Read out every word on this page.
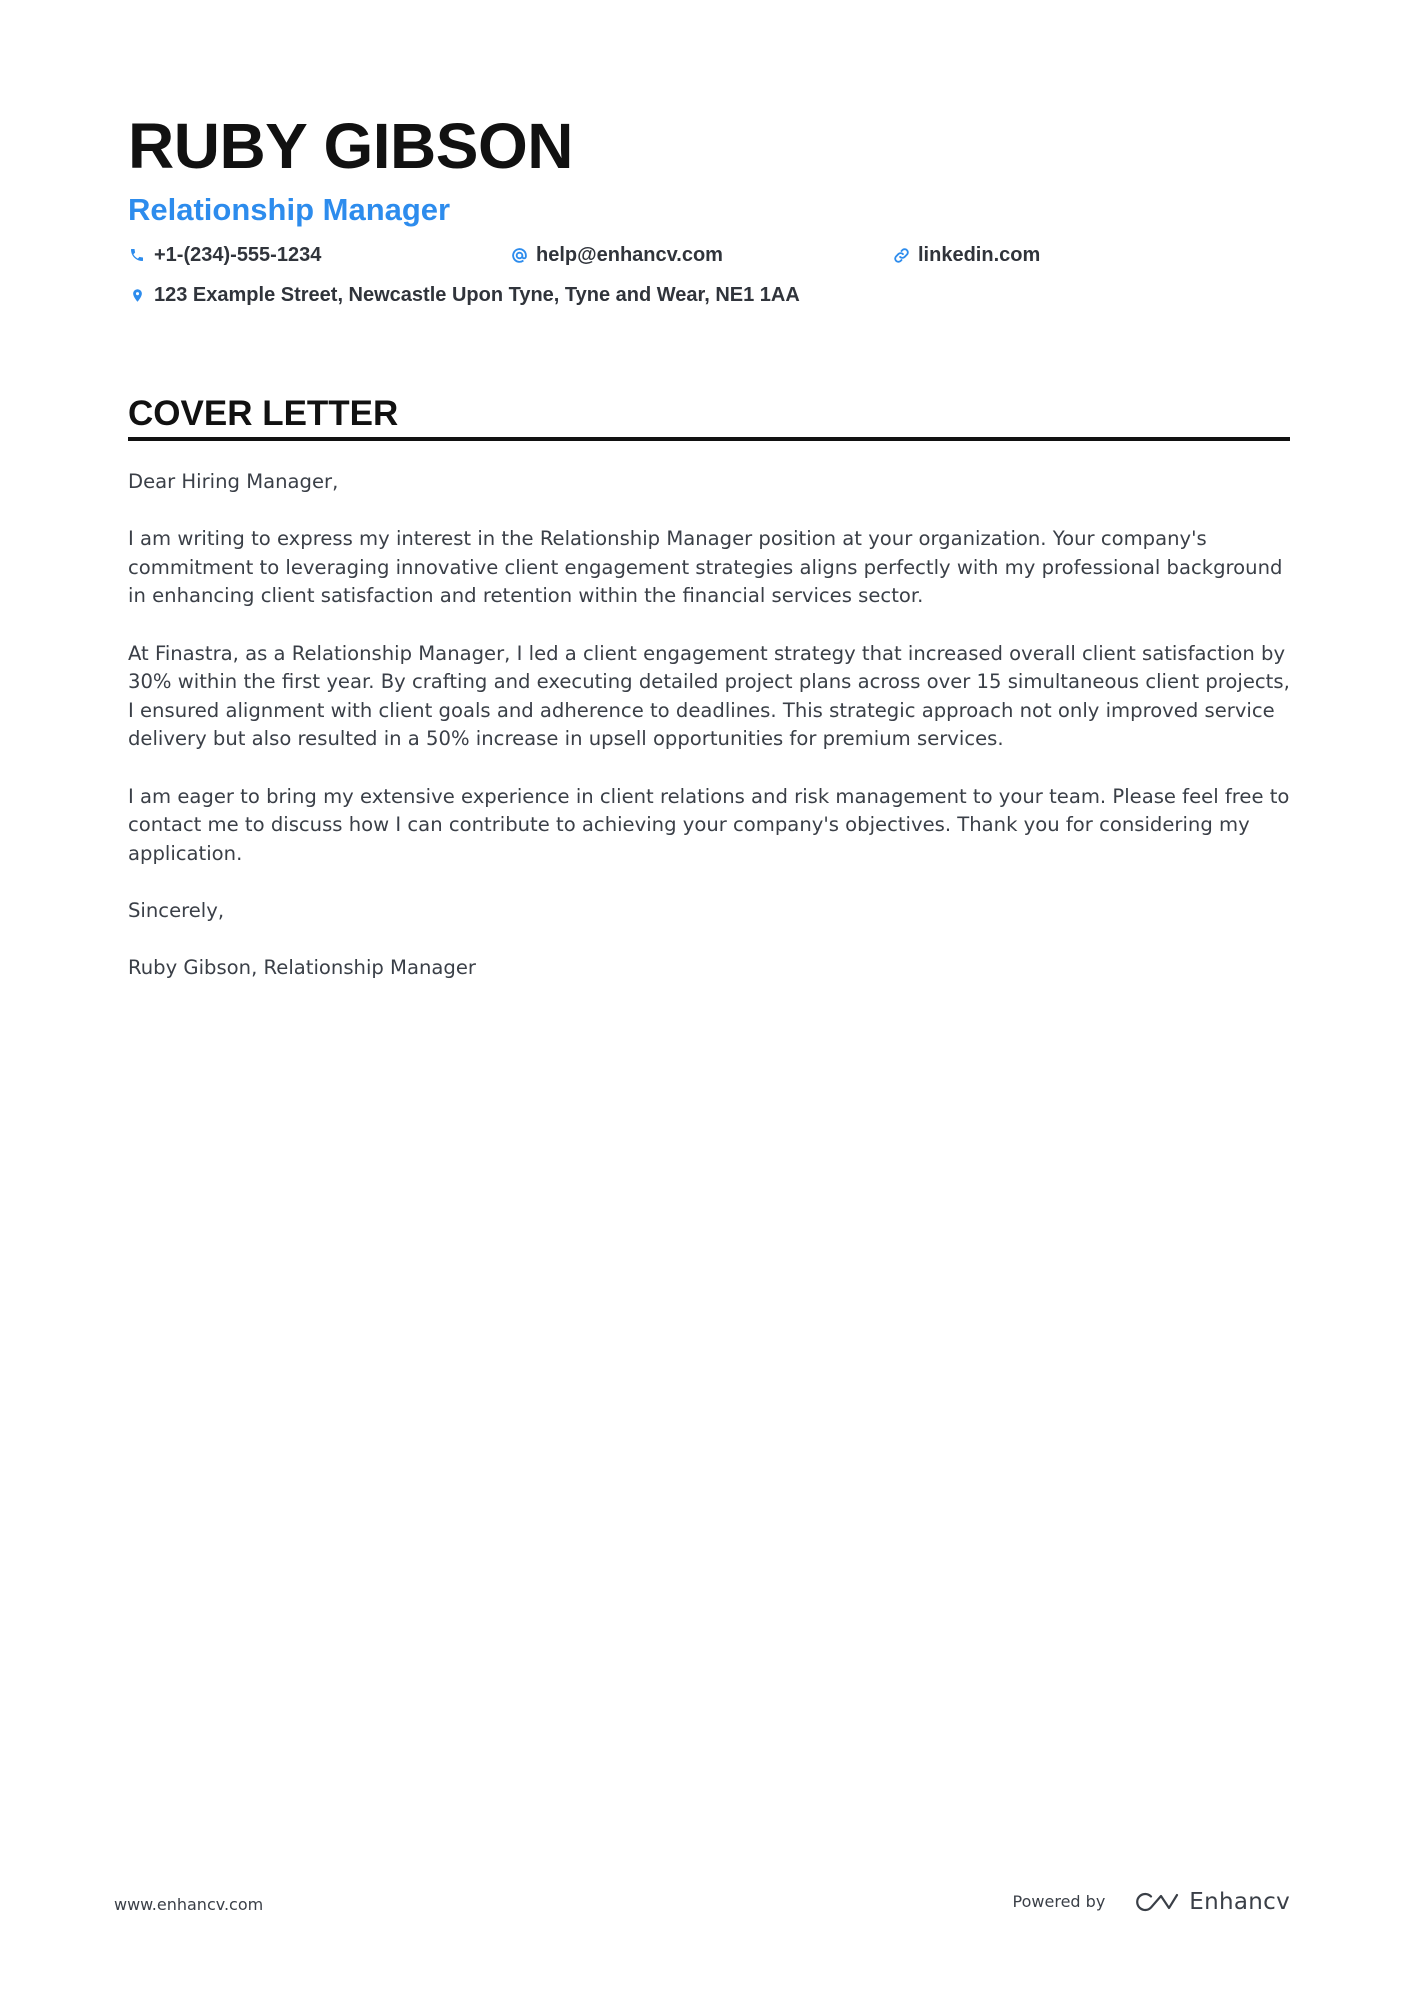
RUBY GIBSON
Relationship Manager
+1-(234)-555-1234	help@enhancv.com	linkedin.com
123 Example Street, Newcastle Upon Tyne, Tyne and Wear, NE1 1AA
COVER LETTER

Dear Hiring Manager,

I am writing to express my interest in the Relationship Manager position at your organization. Your company's commitment to leveraging innovative client engagement strategies aligns perfectly with my professional background in enhancing client satisfaction and retention within the financial services sector.

At Finastra, as a Relationship Manager, I led a client engagement strategy that increased overall client satisfaction by 30% within the first year. By crafting and executing detailed project plans across over 15 simultaneous client projects, I ensured alignment with client goals and adherence to deadlines. This strategic approach not only improved service delivery but also resulted in a 50% increase in upsell opportunities for premium services.

I am eager to bring my extensive experience in client relations and risk management to your team. Please feel free to contact me to discuss how I can contribute to achieving your company's objectives. Thank you for considering my application.

Sincerely,

Ruby Gibson, Relationship Manager

www.enhancv.com	Powered by	Enhancv
